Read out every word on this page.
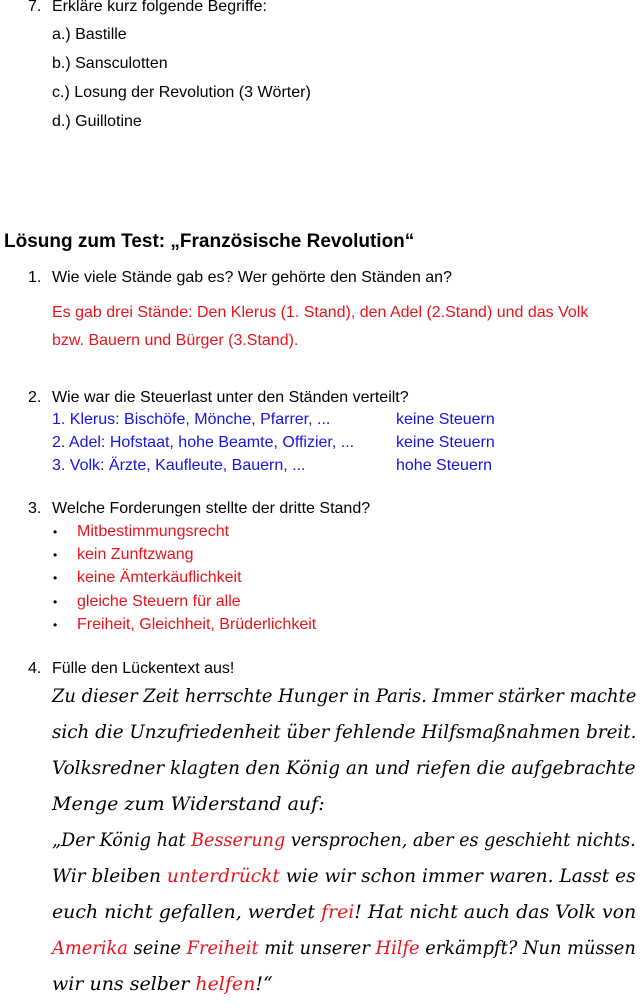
7. Erkläre kurz folgende Begriffe:
a.) Bastille
b.) Sansculotten
c.) Losung der Revolution (3 Wörter)
d.) Guillotine
Lösung zum Test: „Französische Revolution“
1. Wie viele Stände gab es? Wer gehörte den Ständen an?
Es gab drei Stände: Den Klerus (1. Stand), den Adel (2.Stand) und das Volk
bzw. Bauern und Bürger (3.Stand).
2. Wie war die Steuerlast unter den Ständen verteilt?
1. Klerus: Bischöfe, Mönche, Pfarrer, ...	keine Steuern
2. Adel: Hofstaat, hohe Beamte, Offizier, ...	keine Steuern
3. Volk: Ärzte, Kaufleute, Bauern, ...	hohe Steuern
3. Welche Forderungen stellte der dritte Stand?
• Mitbestimmungsrecht
• kein Zunftzwang
• keine Ämterkäuflichkeit
• gleiche Steuern für alle
• Freiheit, Gleichheit, Brüderlichkeit
4. Fülle den Lückentext aus!
Zu dieser Zeit herrschte Hunger in Paris. Immer stärker machte
sich die Unzufriedenheit über fehlende Hilfsmaßnahmen breit.
Volksredner klagten den König an und riefen die aufgebrachte
Menge zum Widerstand auf:
„Der König hat Besserung versprochen, aber es geschieht nichts.
Wir bleiben unterdrückt wie wir schon immer waren. Lasst es
euch nicht gefallen, werdet frei! Hat nicht auch das Volk von
Amerika seine Freiheit mit unserer Hilfe erkämpft? Nun müssen
wir uns selber helfen!“
